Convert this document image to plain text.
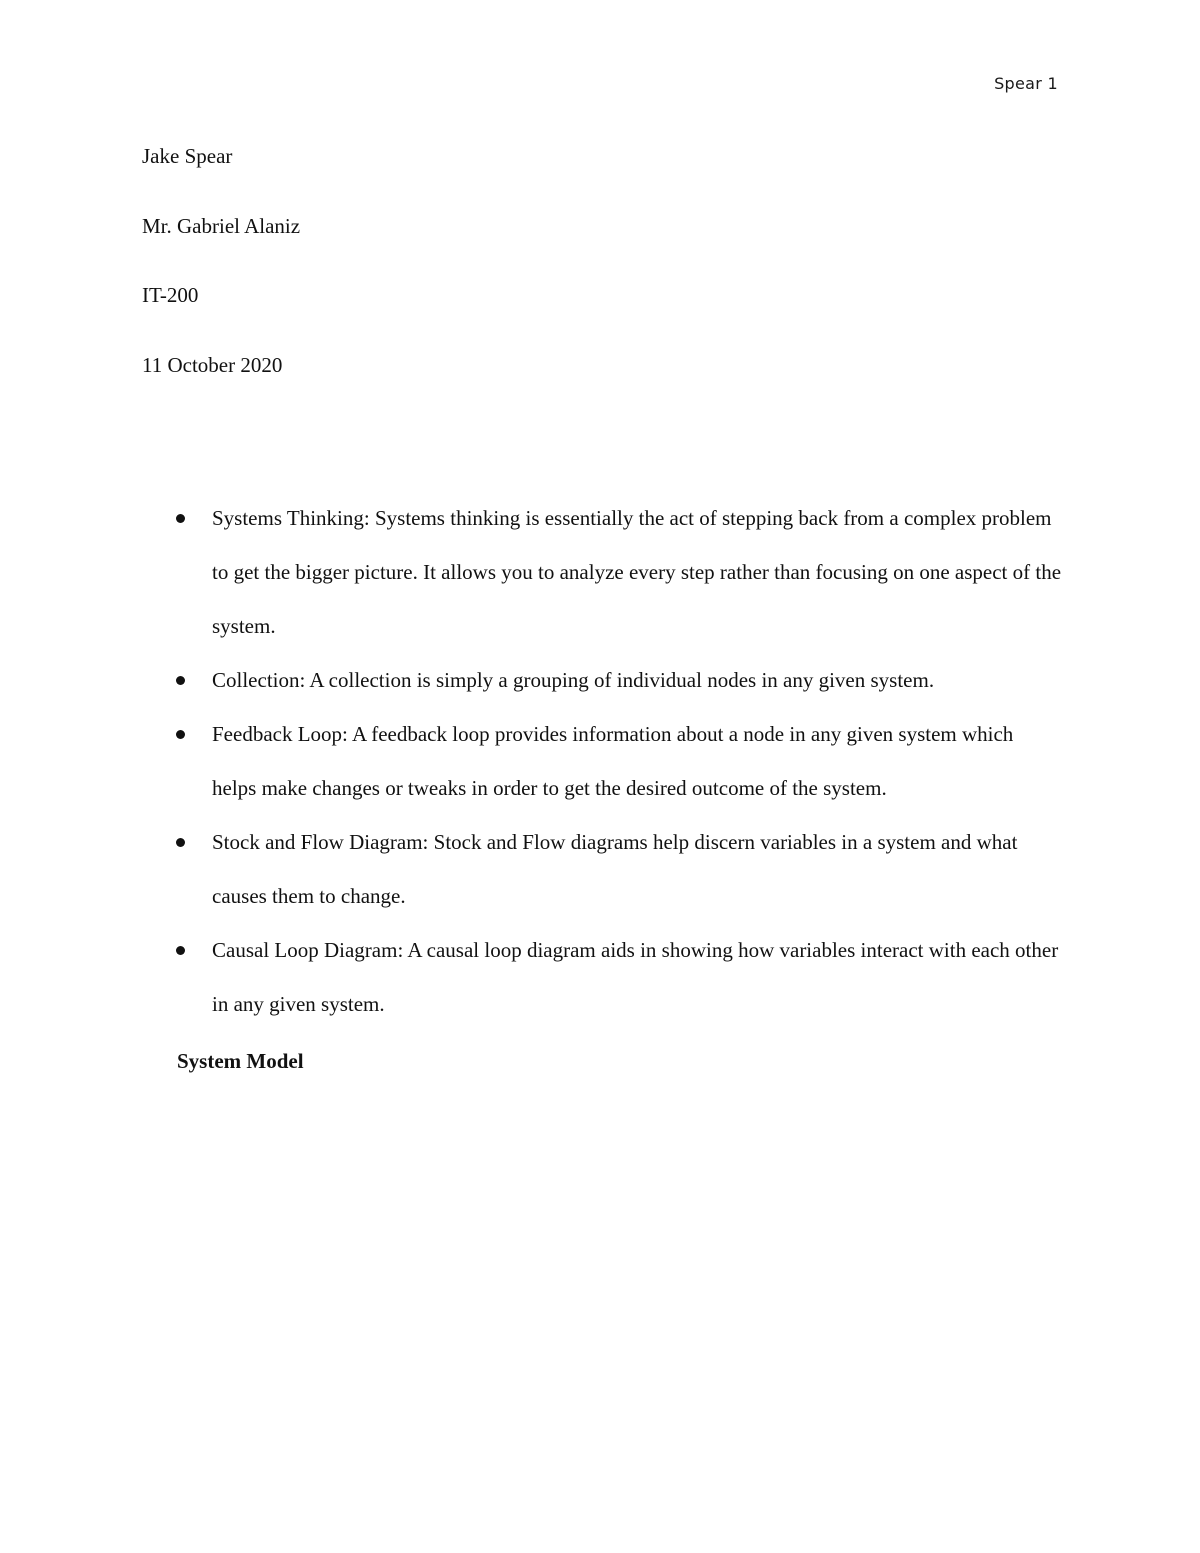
Spear 1

Jake Spear

Mr. Gabriel Alaniz

IT-200

11 October 2020

Systems Thinking: Systems thinking is essentially the act of stepping back from a complex problem to get the bigger picture. It allows you to analyze every step rather than focusing on one aspect of the system.
Collection: A collection is simply a grouping of individual nodes in any given system.
Feedback Loop: A feedback loop provides information about a node in any given system which helps make changes or tweaks in order to get the desired outcome of the system.
Stock and Flow Diagram: Stock and Flow diagrams help discern variables in a system and what causes them to change.
Causal Loop Diagram: A causal loop diagram aids in showing how variables interact with each other in any given system.
System Model
